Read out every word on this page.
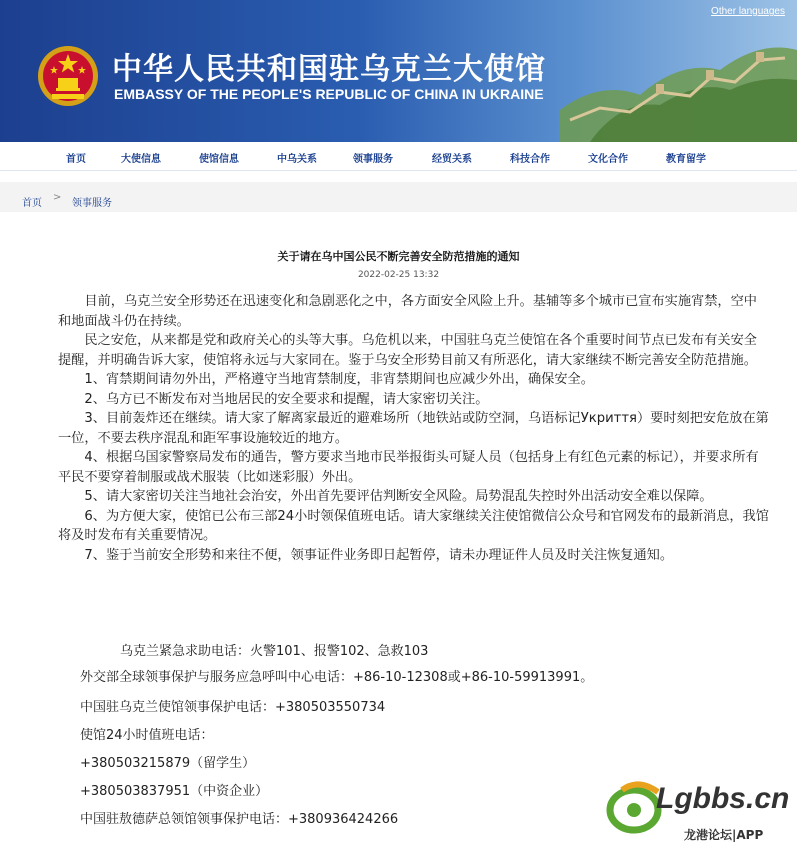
Other languages
中华人民共和国驻乌克兰大使馆
EMBASSY OF THE PEOPLE'S REPUBLIC OF CHINA IN UKRAINE
首页	大使信息	使馆信息	中乌关系	领事服务	经贸关系	科技合作	文化合作	教育留学
首页
>
领事服务
关于请在乌中国公民不断完善安全防范措施的通知
2022-02-25 13:32

目前，乌克兰安全形势还在迅速变化和急剧恶化之中，各方面安全风险上升。基辅等多个城市已宣布实施宵禁，空中和地面战斗仍在持续。

民之安危，从来都是党和政府关心的头等大事。乌危机以来，中国驻乌克兰使馆在各个重要时间节点已发布有关安全提醒，并明确告诉大家，使馆将永远与大家同在。鉴于乌安全形势目前又有所恶化，请大家继续不断完善安全防范措施。

1、宵禁期间请勿外出，严格遵守当地宵禁制度，非宵禁期间也应减少外出，确保安全。

2、乌方已不断发布对当地居民的安全要求和提醒，请大家密切关注。

3、目前轰炸还在继续。请大家了解离家最近的避难场所（地铁站或防空洞，乌语标记Укриття）要时刻把安危放在第一位，不要去秩序混乱和距军事设施较近的地方。

4、根据乌国家警察局发布的通告，警方要求当地市民举报街头可疑人员（包括身上有红色元素的标记），并要求所有平民不要穿着制服或战术服装（比如迷彩服）外出。

5、请大家密切关注当地社会治安，外出首先要评估判断安全风险。局势混乱失控时外出活动安全难以保障。

6、为方便大家，使馆已公布三部24小时领保值班电话。请大家继续关注使馆微信公众号和官网发布的最新消息，我馆将及时发布有关重要情况。

7、鉴于当前安全形势和来往不便，领事证件业务即日起暂停，请未办理证件人员及时关注恢复通知。

乌克兰紧急求助电话：火警101、报警102、急救103
外交部全球领事保护与服务应急呼叫中心电话：+86-10-12308或+86-10-59913991。
中国驻乌克兰使馆领事保护电话：+380503550734
使馆24小时值班电话：
+380503215879（留学生）
+380503837951（中资企业）
中国驻敖德萨总领馆领事保护电话：+380936424266
Lgbbs.cn
龙港论坛|APP
